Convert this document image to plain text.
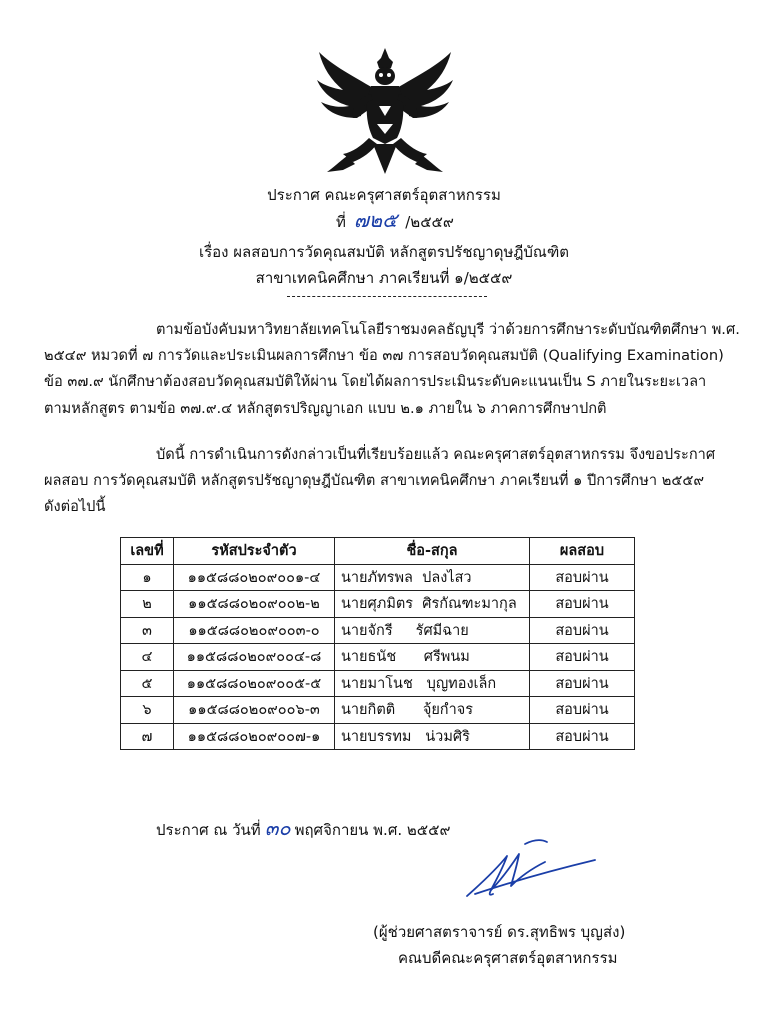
ประกาศ คณะครุศาสตร์อุตสาหกรรม
ที่ ๗๒๕ /๒๕๕๙
เรื่อง ผลสอบการวัดคุณสมบัติ หลักสูตรปรัชญาดุษฎีบัณฑิต
สาขาเทคนิคศึกษา ภาคเรียนที่ ๑/๒๕๕๙
ตามข้อบังคับมหาวิทยาลัยเทคโนโลยีราชมงคลธัญบุรี ว่าด้วยการศึกษาระดับบัณฑิตศึกษา พ.ศ.
๒๕๔๙ หมวดที่ ๗ การวัดและประเมินผลการศึกษา ข้อ ๓๗ การสอบวัดคุณสมบัติ (Qualifying Examination)
ข้อ ๓๗.๙ นักศึกษาต้องสอบวัดคุณสมบัติให้ผ่าน โดยได้ผลการประเมินระดับคะแนนเป็น S ภายในระยะเวลา
ตามหลักสูตร ตามข้อ ๓๗.๙.๔ หลักสูตรปริญญาเอก แบบ ๒.๑ ภายใน ๖ ภาคการศึกษาปกติ
บัดนี้ การดำเนินการดังกล่าวเป็นที่เรียบร้อยแล้ว คณะครุศาสตร์อุตสาหกรรม จึงขอประกาศ
ผลสอบ การวัดคุณสมบัติ หลักสูตรปรัชญาดุษฎีบัณฑิต สาขาเทคนิคศึกษา ภาคเรียนที่ ๑ ปีการศึกษา ๒๕๕๙
ดังต่อไปนี้
เลขที่	รหัสประจำตัว	ชื่อ-สกุล	ผลสอบ
๑	๑๑๕๘๘๐๒๐๙๐๐๑-๔	นายภัทรพล  ปลงไสว	สอบผ่าน
๒	๑๑๕๘๘๐๒๐๙๐๐๒-๒	นายศุภมิตร  ศิรกัณฑะมากุล	สอบผ่าน
๓	๑๑๕๘๘๐๒๐๙๐๐๓-๐	นายจักรี     รัศมีฉาย	สอบผ่าน
๔	๑๑๕๘๘๐๒๐๙๐๐๔-๘	นายธนัช      ศรีพนม	สอบผ่าน
๕	๑๑๕๘๘๐๒๐๙๐๐๕-๕	นายมาโนช   บุญทองเล็ก	สอบผ่าน
๖	๑๑๕๘๘๐๒๐๙๐๐๖-๓	นายกิตติ      จุ้ยกำจร	สอบผ่าน
๗	๑๑๕๘๘๐๒๐๙๐๐๗-๑	นายบรรทม   น่วมศิริ	สอบผ่าน
ประกาศ ณ วันที่ ๓๐ พฤศจิกายน พ.ศ. ๒๕๕๙
(ผู้ช่วยศาสตราจารย์ ดร.สุทธิพร บุญส่ง)
คณบดีคณะครุศาสตร์อุตสาหกรรม
